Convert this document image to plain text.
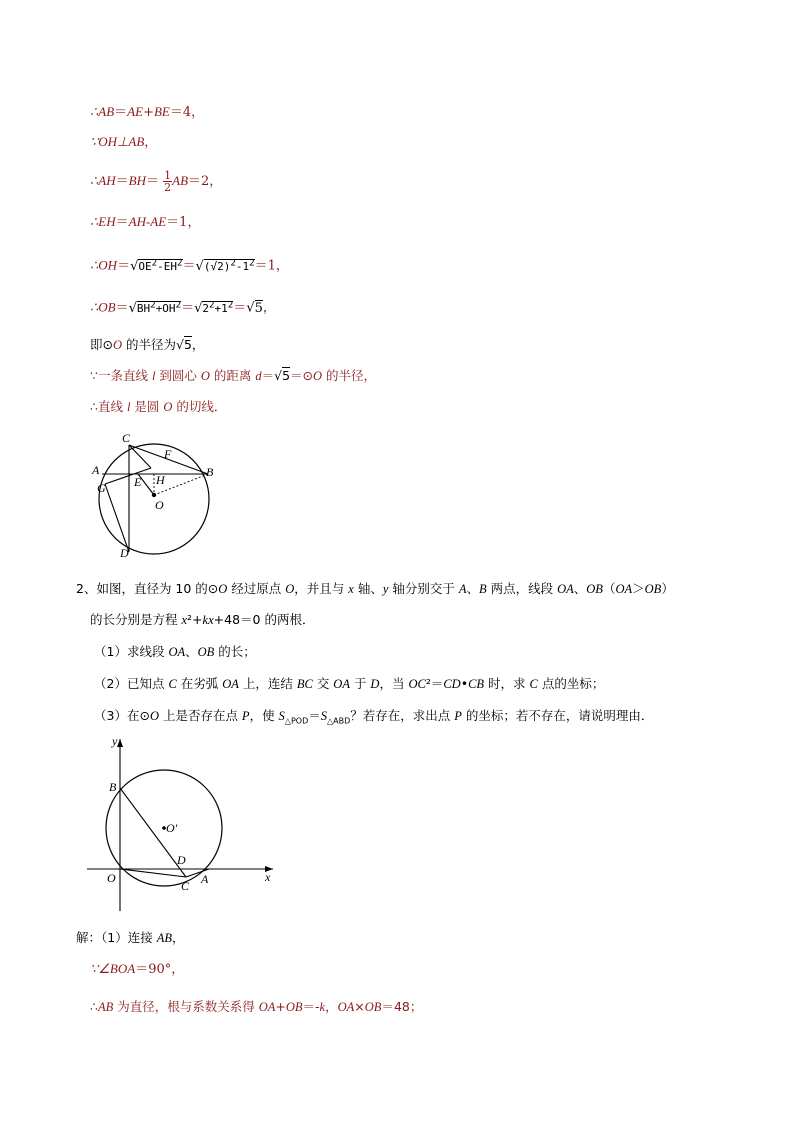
∴AB＝AE+BE＝4，
∵OH⊥AB，
∴AH＝BH＝ $\frac{1}{2} AB=2$，
∴EH＝AH-AE＝1，
$\therefore OH=√OE^2-EH^2=√(√2)^2-1^2=1$，
$\therefore OB=√BH^2+OH^2=√2^2+1^2=√5$，
即⊙O 的半径为√5，
∵一条直线 l 到圆心 O 的距离 d＝√5＝⊙O 的半径，
∴直线 l 是圆 O 的切线．
C
F
A	B
G E H
O
D
2、如图，直径为 10 的⊙O 经过原点 O，并且与 x 轴、y 轴分别交于 A、B 两点，线段 OA、OB（OA＞OB）
的长分别是方程 x²+kx+48＝0 的两根．
（1）求线段 OA、OB 的长；
（2）已知点 C 在劣弧 OA 上，连结 BC 交 OA 于 D，当 OC²＝CD•CB 时，求 C 点的坐标；
（3）在⊙O 上是否存在点 P，使 $S_{\triangle POD}=S_{\triangle ABD}$？若存在，求出点 P 的坐标；若不存在，请说明理由．
y
B
O'
D
O
C A	x
解：（1）连接 AB，
∵∠BOA＝90°，
∴AB 为直径，根与系数关系得 OA+OB＝-k，OA×OB＝48；
